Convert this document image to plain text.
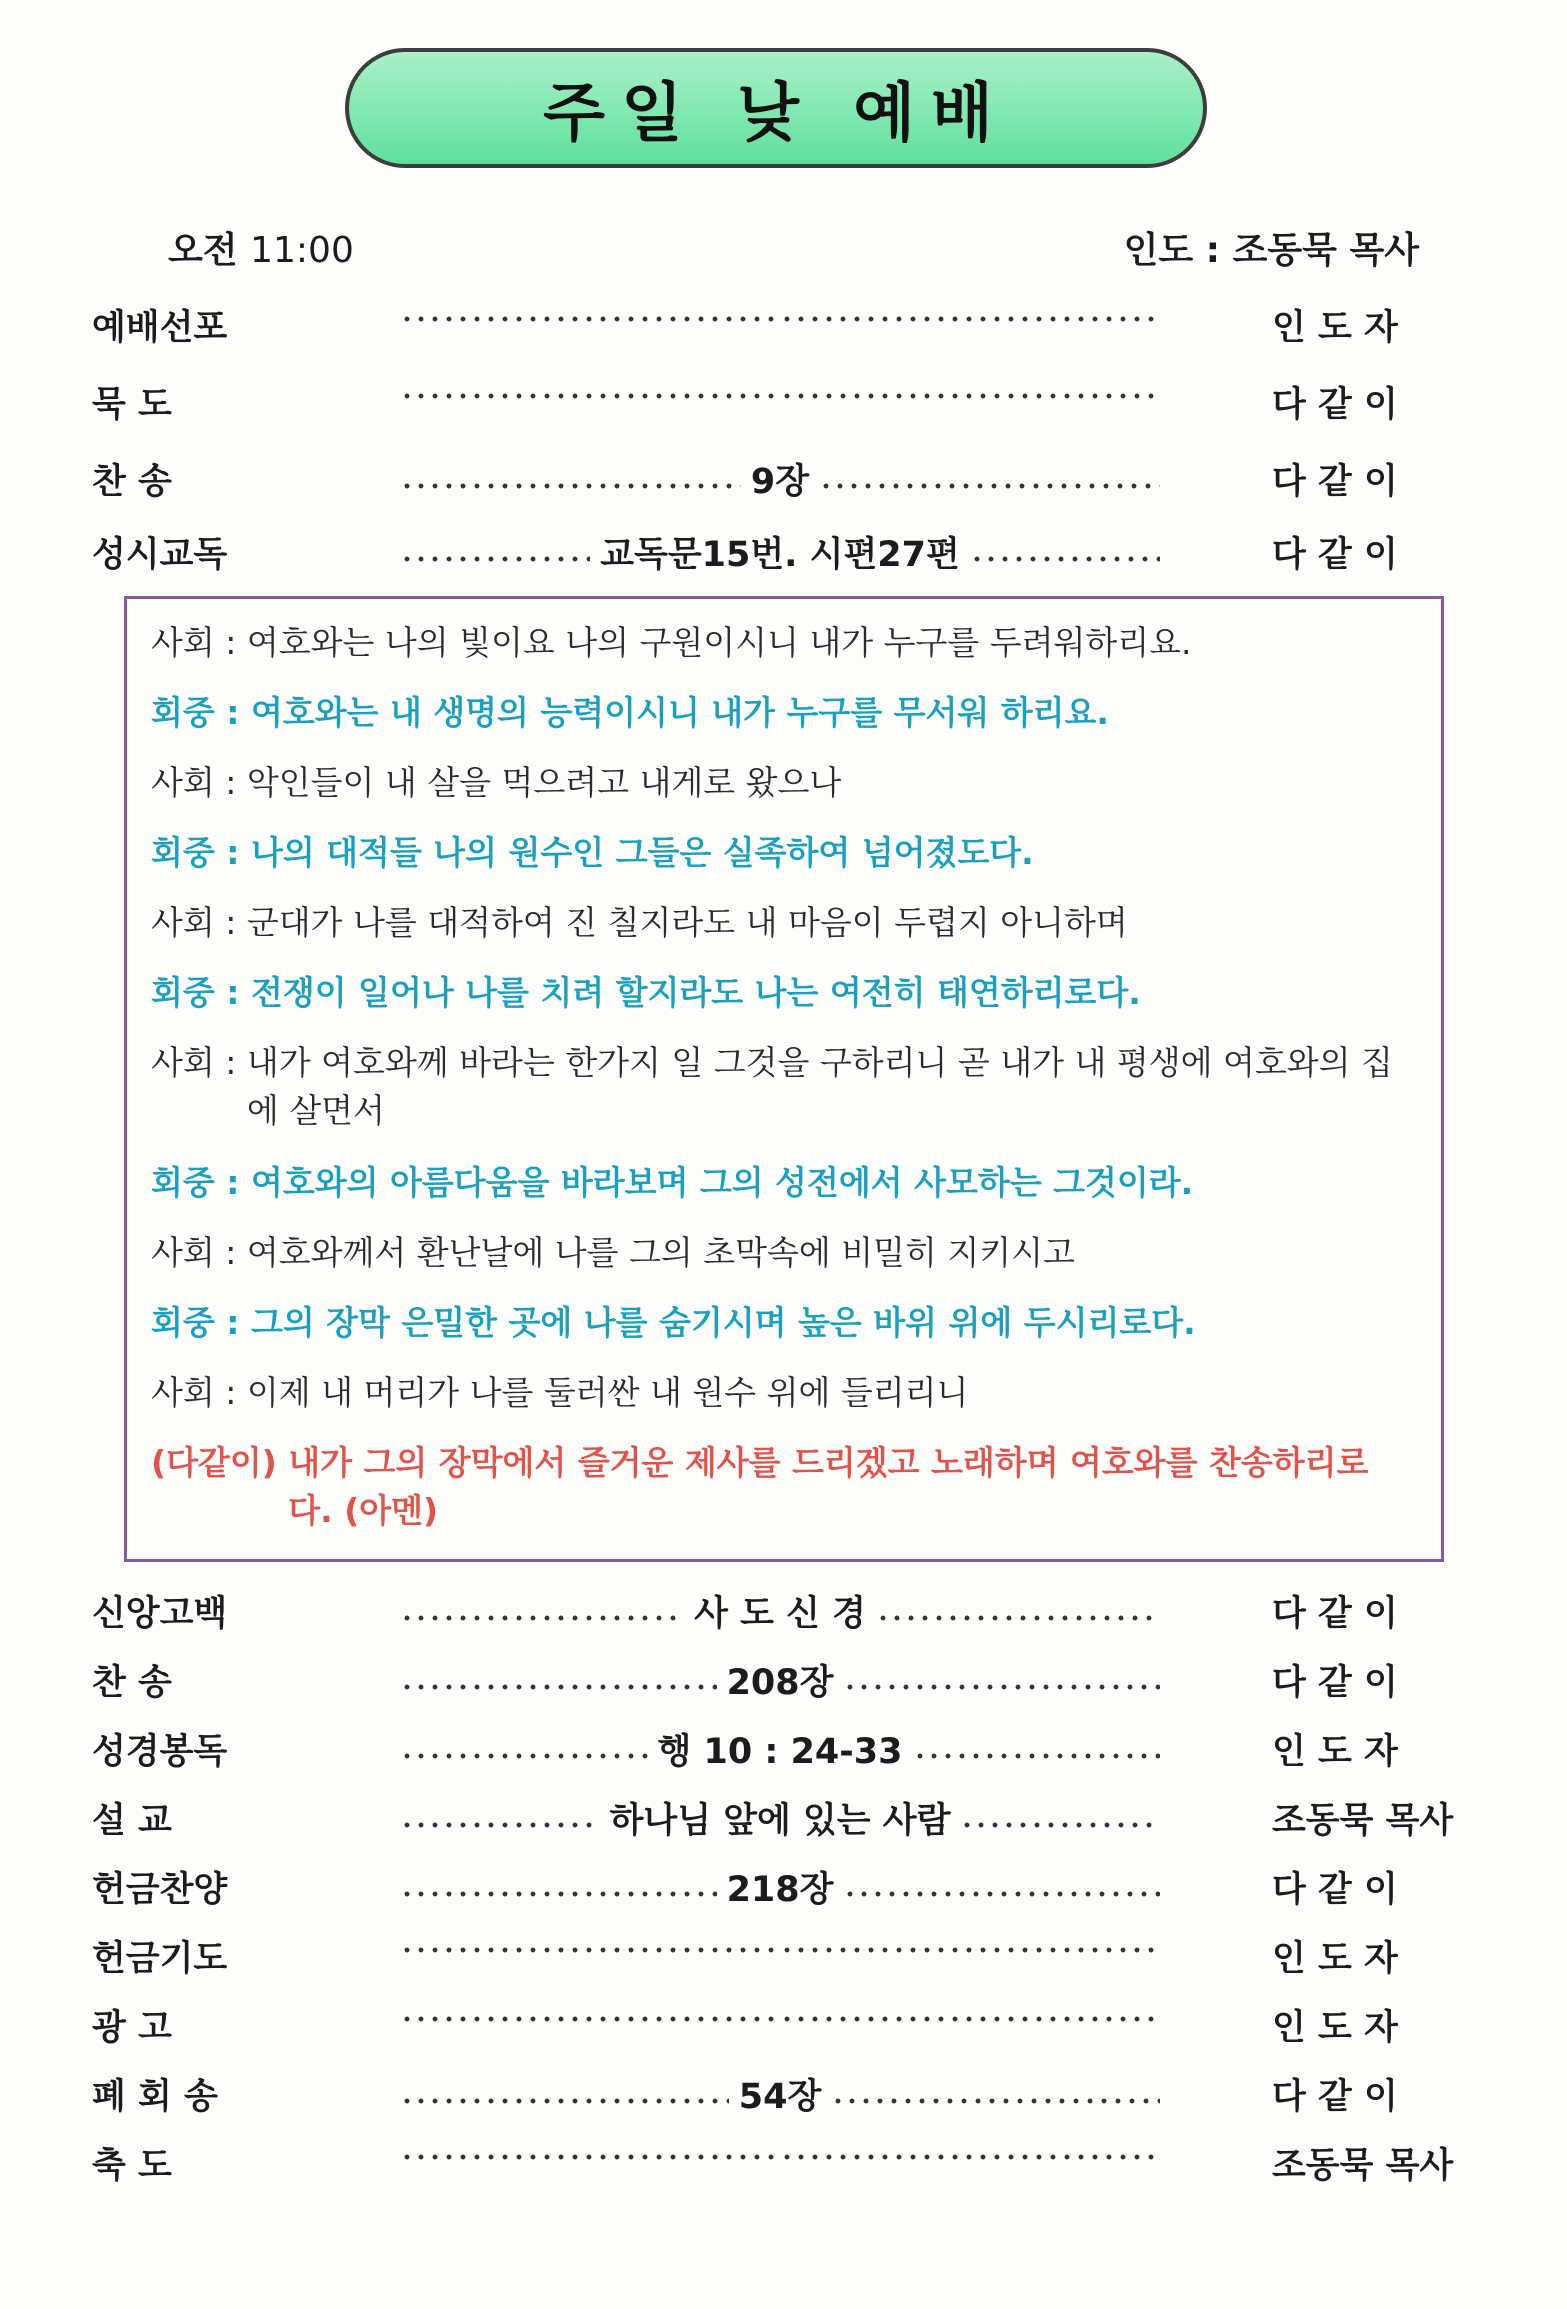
주일 낮 예배
오전 11:00	인도 : 조동묵 목사
예배선포	인 도 자
묵 도	다 같 이
찬 송	9장	다 같 이
성시교독	교독문15번. 시편27편	다 같 이
사회 : 여호와는 나의 빛이요 나의 구원이시니 내가 누구를 두려워하리요.
회중 : 여호와는 내 생명의 능력이시니 내가 누구를 무서워 하리요.
사회 : 악인들이 내 살을 먹으려고 내게로 왔으나
회중 : 나의 대적들 나의 원수인 그들은 실족하여 넘어졌도다.
사회 : 군대가 나를 대적하여 진 칠지라도 내 마음이 두렵지 아니하며
회중 : 전쟁이 일어나 나를 치려 할지라도 나는 여전히 태연하리로다.
사회 : 내가 여호와께 바라는 한가지 일 그것을 구하리니 곧 내가 내 평생에 여호와의 집에 살면서
회중 : 여호와의 아름다움을 바라보며 그의 성전에서 사모하는 그것이라.
사회 : 여호와께서 환난날에 나를 그의 초막속에 비밀히 지키시고
회중 : 그의 장막 은밀한 곳에 나를 숨기시며 높은 바위 위에 두시리로다.
사회 : 이제 내 머리가 나를 둘러싼 내 원수 위에 들리리니
(다같이) 내가 그의 장막에서 즐거운 제사를 드리겠고 노래하며 여호와를 찬송하리로다. (아멘)
신앙고백	사 도 신 경	다 같 이
찬 송	208장	다 같 이
성경봉독	행 10 : 24-33	인 도 자
설 교	하나님 앞에 있는 사람	조동묵 목사
헌금찬양	218장	다 같 이
헌금기도	인 도 자
광 고	인 도 자
폐 회 송	54장	다 같 이
축 도	조동묵 목사
